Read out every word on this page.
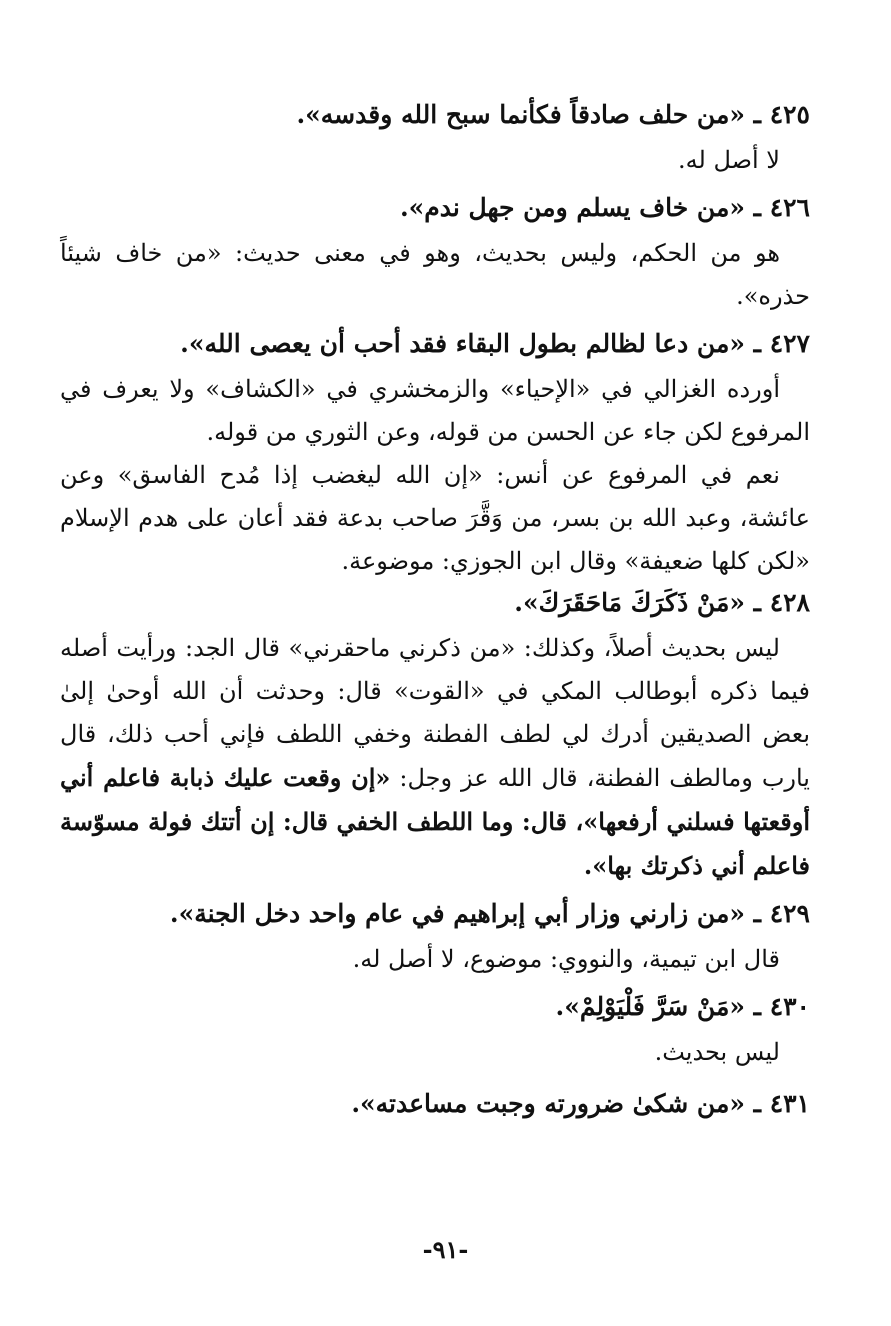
٤٢٥ ـ «من حلف صادقاً فكأنما سبح الله وقدسه».
لا أصل له.
٤٢٦ ـ «من خاف يسلم ومن جهل ندم».
هو من الحكم، وليس بحديث، وهو في معنى حديث: «من خاف شيئاً حذره».
٤٢٧ ـ «من دعا لظالم بطول البقاء فقد أحب أن يعصى الله».
أورده الغزالي في «الإحياء» والزمخشري في «الكشاف» ولا يعرف في المرفوع لكن جاء عن الحسن من قوله، وعن الثوري من قوله.
نعم في المرفوع عن أنس: «إن الله ليغضب إذا مُدح الفاسق» وعن عائشة، وعبد الله بن بسر، من وَقَّرَ صاحب بدعة فقد أعان على هدم الإسلام «لكن كلها ضعيفة» وقال ابن الجوزي: موضوعة.
٤٢٨ ـ «مَنْ ذَكَرَكَ مَاحَقَرَكَ».
ليس بحديث أصلاً، وكذلك: «من ذكرني ماحقرني» قال الجد: ورأيت أصله فيما ذكره أبوطالب المكي في «القوت» قال: وحدثت أن الله أوحىٰ إلىٰ بعض الصديقين أدرك لي لطف الفطنة وخفي اللطف فإني أحب ذلك، قال يارب ومالطف الفطنة، قال الله عز وجل: «إن وقعت عليك ذبابة فاعلم أني أوقعتها فسلني أرفعها»، قال: وما اللطف الخفي قال: إن أتتك فولة مسوّسة فاعلم أني ذكرتك بها».
٤٢٩ ـ «من زارني وزار أبي إبراهيم في عام واحد دخل الجنة».
قال ابن تيمية، والنووي: موضوع، لا أصل له.
٤٣٠ ـ «مَنْ سَرَّ فَلْيَوْلِمْ».
ليس بحديث.
٤٣١ ـ «من شكىٰ ضرورته وجبت مساعدته».
-٩١-
